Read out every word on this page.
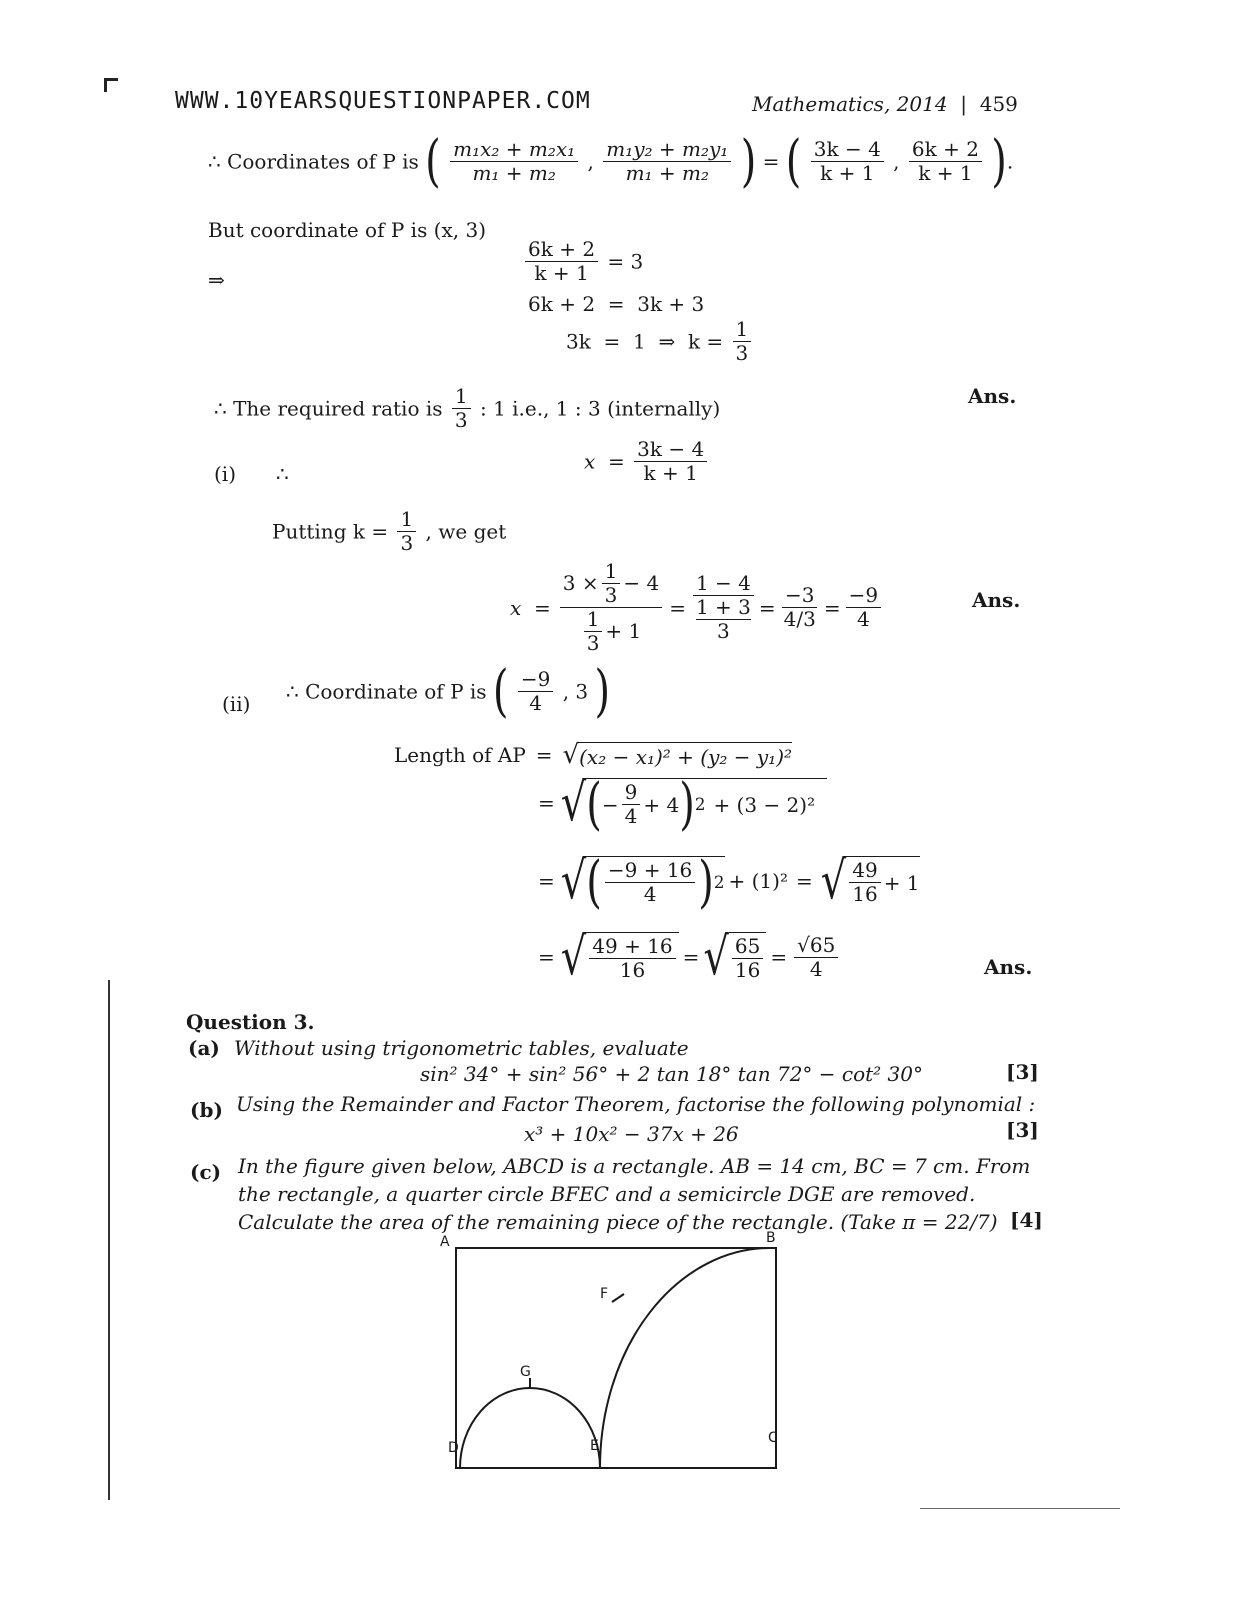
WWW.10YEARSQUESTIONPAPER.COM	Mathematics, 2014  |  459
∴ Coordinates of P is ( $\frac{\text{m₁x₂ + m₂x₁}}{\text{m₁ + m₂}}$ , $\frac{\text{m₁y₂ + m₂y₁}}{\text{m₁ + m₂}}$ ) = ( $\frac{3k - 4}{k + 1}$ , $\frac{6k + 2}{k + 1}$ ).
But coordinate of P is (x, 3)
⇒	$\frac{6k + 2}{k + 1} = 3$
6k + 2  =  3k + 3
3k  =  1  ⇒  $k = \frac{1}{3}$
∴ The required ratio is $\frac{1}{3}$ : 1 i.e., 1 : 3 (internally)
Ans.
(i) ∴
$x = \frac{3k - 4}{k + 1}$
Putting $k = \frac{1}{3}$ , we get
$x = \frac{3 \times \frac{1}{3} - 4}{\frac{1}{3} + 1} = 1 - 4$
1 + 3
$3 = \frac{-3}{4/3} = \frac{-9}{4}$	Ans.
(ii)
∴ Coordinate of P is ( $\frac{-9}{4}$ , 3 )
Length of AP = √ (x₂ − x₁)² + (y₂ − y₁)²
= √ ( − $\frac{9}{4} + 4$ ) 2 + (3 − 2)²
= √ ( $\frac{-9 + 16}{4}$ ) 2 + (1)² = √ $\frac{49}{16} + 1$
= √ $\frac{49 + 16}{16}$ = √ $\frac{65}{16} = \frac{√65}{4}$	Ans.
Question 3.
(a) Without using trigonometric tables, evaluate
sin² 34° + sin² 56° + 2 tan 18° tan 72° − cot² 30°	[3]
(b) Using the Remainder and Factor Theorem, factorise the following polynomial :
x³ + 10x² − 37x + 26	[3]
(c) In the figure given below, ABCD is a rectangle. AB = 14 cm, BC = 7 cm. From
the rectangle, a quarter circle BFEC and a semicircle DGE are removed.
Calculate the area of the remaining piece of the rectangle. (Take π = 22/7) [4]
A	B
C
D	E
F
G
